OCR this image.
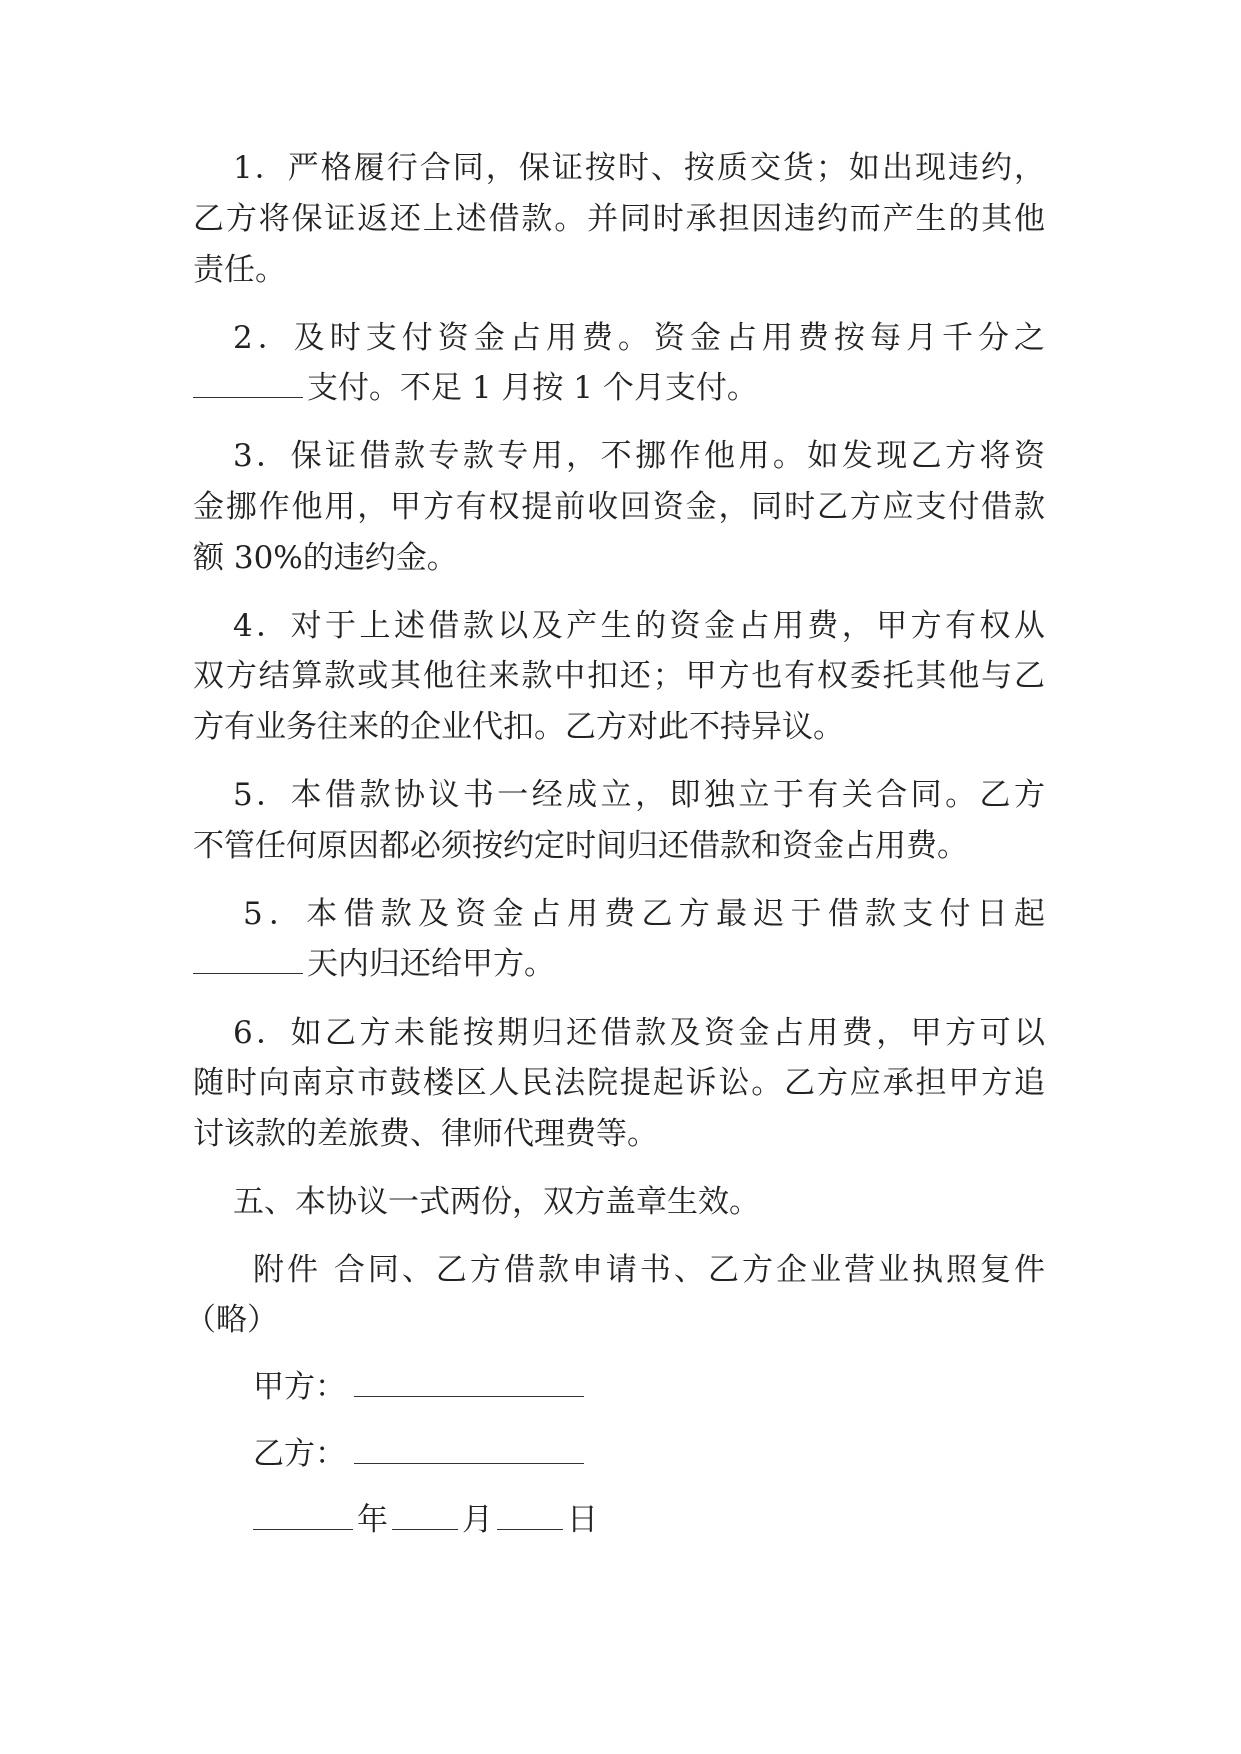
1．严格履行合同，保证按时、按质交货；如出现违约，
乙方将保证返还上述借款。并同时承担因违约而产生的其他
责任。
2．及时支付资金占用费。资金占用费按每月千分之
支付。不足 1 月按 1 个月支付。
3．保证借款专款专用，不挪作他用。如发现乙方将资
金挪作他用，甲方有权提前收回资金，同时乙方应支付借款
额 30%的违约金。
4．对于上述借款以及产生的资金占用费，甲方有权从
双方结算款或其他往来款中扣还；甲方也有权委托其他与乙
方有业务往来的企业代扣。乙方对此不持异议。
5．本借款协议书一经成立，即独立于有关合同。乙方
不管任何原因都必须按约定时间归还借款和资金占用费。
5．本借款及资金占用费乙方最迟于借款支付日起
天内归还给甲方。
6．如乙方未能按期归还借款及资金占用费，甲方可以
随时向南京市鼓楼区人民法院提起诉讼。乙方应承担甲方追
讨该款的差旅费、律师代理费等。
五、本协议一式两份，双方盖章生效。
附件 合同、乙方借款申请书、乙方企业营业执照复件
（略）
甲方：
乙方：
年 月 日
